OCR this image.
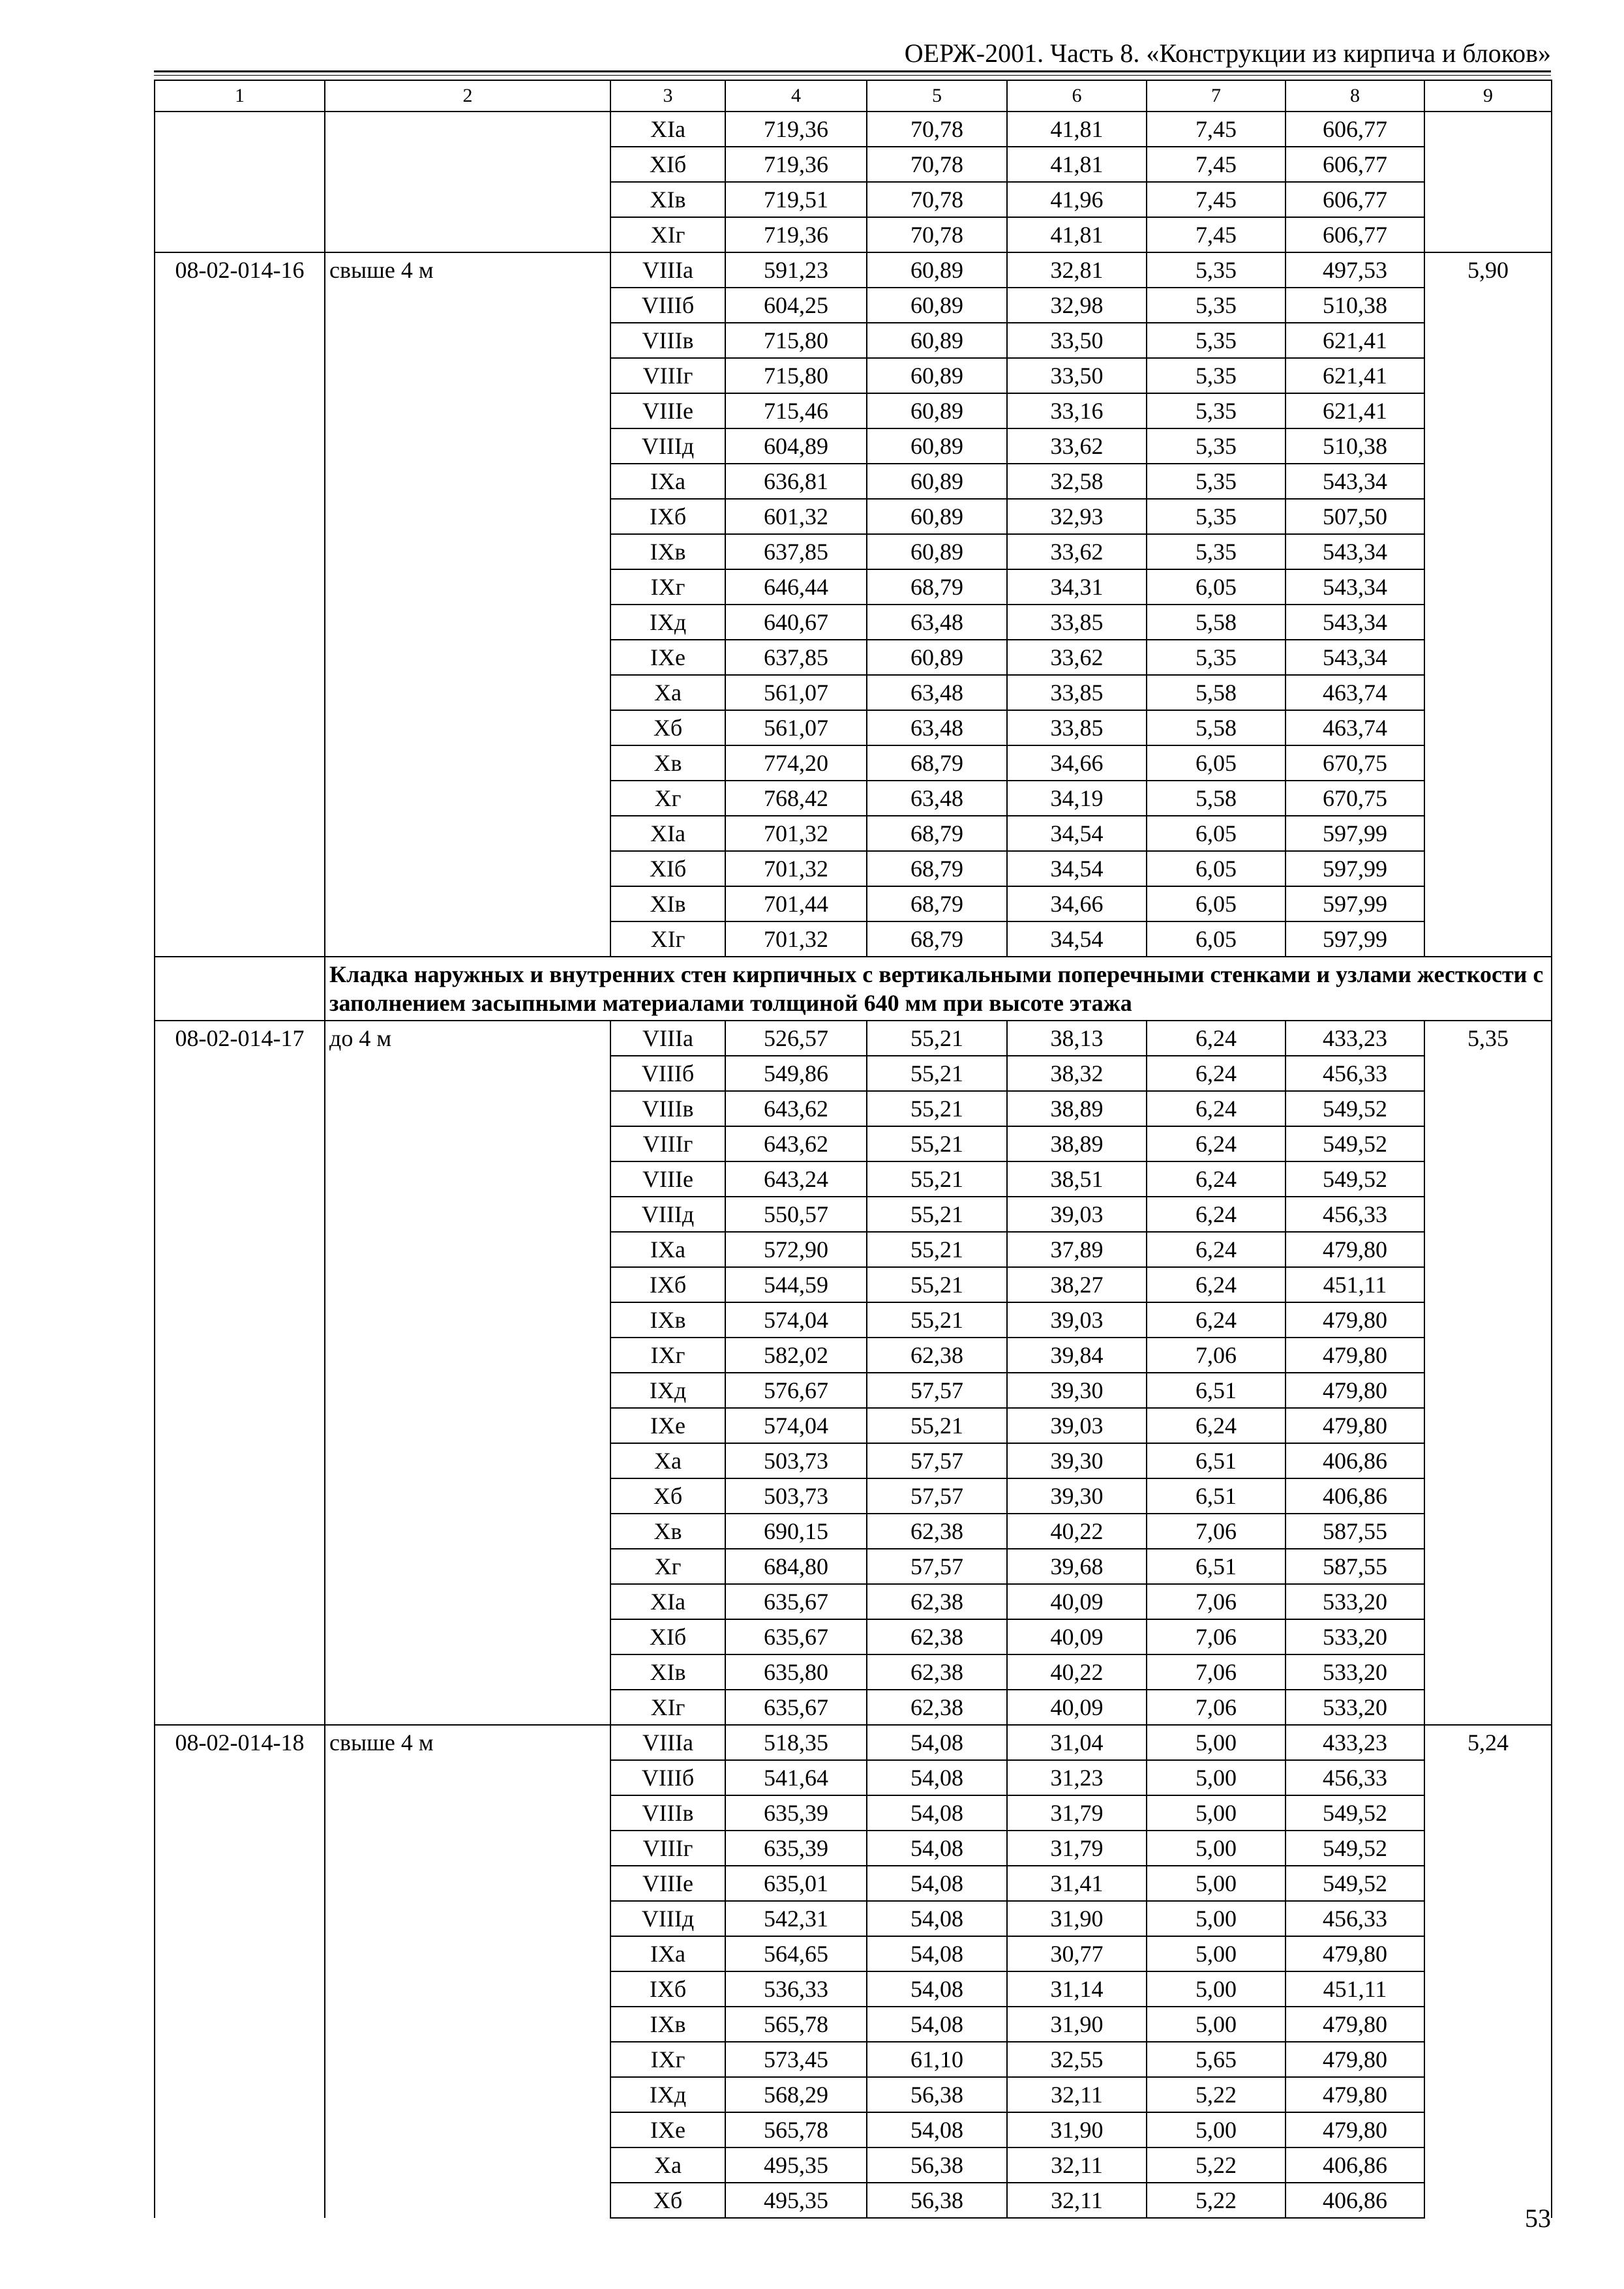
ОЕРЖ-2001. Часть 8. «Конструкции из кирпича и блоков»
1	2	3	4	5	6	7	8	9
		XIа	719,36	70,78	41,81	7,45	606,77	
		XIб	719,36	70,78	41,81	7,45	606,77	
		XIв	719,51	70,78	41,96	7,45	606,77	
		XIг	719,36	70,78	41,81	7,45	606,77	
08-02-014-16	свыше 4 м	VIIIа	591,23	60,89	32,81	5,35	497,53	5,90
		VIIIб	604,25	60,89	32,98	5,35	510,38	
		VIIIв	715,80	60,89	33,50	5,35	621,41	
		VIIIг	715,80	60,89	33,50	5,35	621,41	
		VIIIе	715,46	60,89	33,16	5,35	621,41	
		VIIIд	604,89	60,89	33,62	5,35	510,38	
		IXа	636,81	60,89	32,58	5,35	543,34	
		IXб	601,32	60,89	32,93	5,35	507,50	
		IXв	637,85	60,89	33,62	5,35	543,34	
		IXг	646,44	68,79	34,31	6,05	543,34	
		IXд	640,67	63,48	33,85	5,58	543,34	
		IXе	637,85	60,89	33,62	5,35	543,34	
		Xа	561,07	63,48	33,85	5,58	463,74	
		Xб	561,07	63,48	33,85	5,58	463,74	
		Xв	774,20	68,79	34,66	6,05	670,75	
		Xг	768,42	63,48	34,19	5,58	670,75	
		XIа	701,32	68,79	34,54	6,05	597,99	
		XIб	701,32	68,79	34,54	6,05	597,99	
		XIв	701,44	68,79	34,66	6,05	597,99	
		XIг	701,32	68,79	34,54	6,05	597,99	
	Кладка наружных и внутренних стен кирпичных с вертикальными поперечными стенками и узлами жесткости с заполнением засыпными материалами толщиной 640 мм при высоте этажа							
08-02-014-17	до 4 м	VIIIа	526,57	55,21	38,13	6,24	433,23	5,35
		VIIIб	549,86	55,21	38,32	6,24	456,33	
		VIIIв	643,62	55,21	38,89	6,24	549,52	
		VIIIг	643,62	55,21	38,89	6,24	549,52	
		VIIIе	643,24	55,21	38,51	6,24	549,52	
		VIIIд	550,57	55,21	39,03	6,24	456,33	
		IXа	572,90	55,21	37,89	6,24	479,80	
		IXб	544,59	55,21	38,27	6,24	451,11	
		IXв	574,04	55,21	39,03	6,24	479,80	
		IXг	582,02	62,38	39,84	7,06	479,80	
		IXд	576,67	57,57	39,30	6,51	479,80	
		IXе	574,04	55,21	39,03	6,24	479,80	
		Xа	503,73	57,57	39,30	6,51	406,86	
		Xб	503,73	57,57	39,30	6,51	406,86	
		Xв	690,15	62,38	40,22	7,06	587,55	
		Xг	684,80	57,57	39,68	6,51	587,55	
		XIа	635,67	62,38	40,09	7,06	533,20	
		XIб	635,67	62,38	40,09	7,06	533,20	
		XIв	635,80	62,38	40,22	7,06	533,20	
		XIг	635,67	62,38	40,09	7,06	533,20	
08-02-014-18	свыше 4 м	VIIIа	518,35	54,08	31,04	5,00	433,23	5,24
		VIIIб	541,64	54,08	31,23	5,00	456,33	
		VIIIв	635,39	54,08	31,79	5,00	549,52	
		VIIIг	635,39	54,08	31,79	5,00	549,52	
		VIIIе	635,01	54,08	31,41	5,00	549,52	
		VIIIд	542,31	54,08	31,90	5,00	456,33	
		IXа	564,65	54,08	30,77	5,00	479,80	
		IXб	536,33	54,08	31,14	5,00	451,11	
		IXв	565,78	54,08	31,90	5,00	479,80	
		IXг	573,45	61,10	32,55	5,65	479,80	
		IXд	568,29	56,38	32,11	5,22	479,80	
		IXе	565,78	54,08	31,90	5,00	479,80	
		Xа	495,35	56,38	32,11	5,22	406,86	
		Xб	495,35	56,38	32,11	5,22	406,86	
53
